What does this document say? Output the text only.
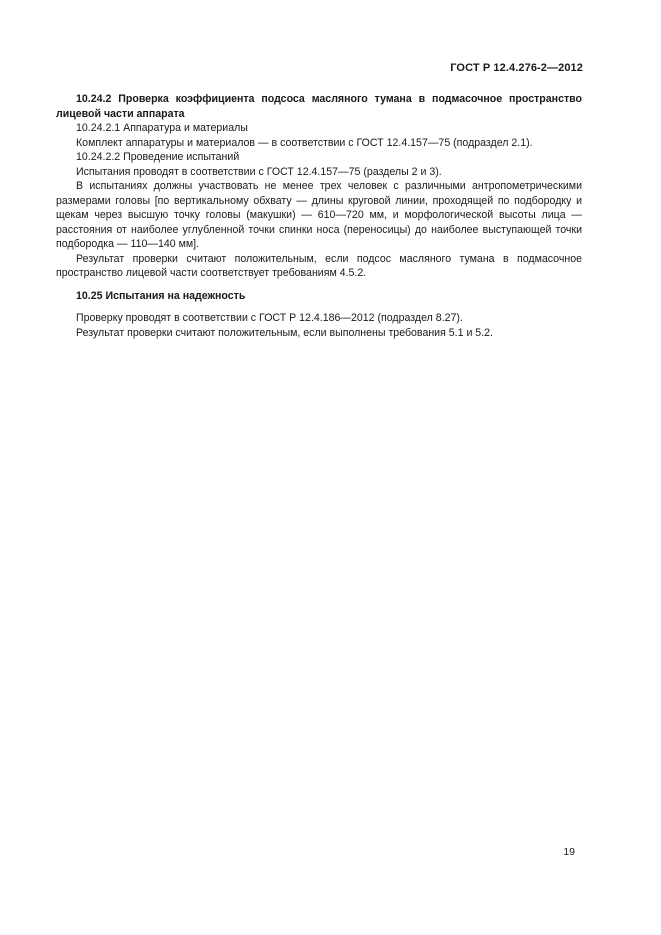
ГОСТ Р 12.4.276-2—2012

10.24.2 Проверка коэффициента подсоса масляного тумана в подмасочное пространство лицевой части аппарата

10.24.2.1 Аппаратура и материалы

Комплект аппаратуры и материалов — в соответствии с ГОСТ 12.4.157—75 (подраздел 2.1).

10.24.2.2 Проведение испытаний

Испытания проводят в соответствии с ГОСТ 12.4.157—75 (разделы 2 и 3).

В испытаниях должны участвовать не менее трех человек с различными антропометрическими размерами головы [по вертикальному обхвату — длины круговой линии, проходящей по подбородку и щекам через высшую точку головы (макушки) — 610—720 мм, и морфологической высоты лица — расстояния от наиболее углубленной точки спинки носа (переносицы) до наиболее выступающей точки подбородка — 110—140 мм].

Результат проверки считают положительным, если подсос масляного тумана в подмасочное пространство лицевой части соответствует требованиям 4.5.2.

10.25 Испытания на надежность

Проверку проводят в соответствии с ГОСТ Р 12.4.186—2012 (подраздел 8.27).

Результат проверки считают положительным, если выполнены требования 5.1 и 5.2.

19
